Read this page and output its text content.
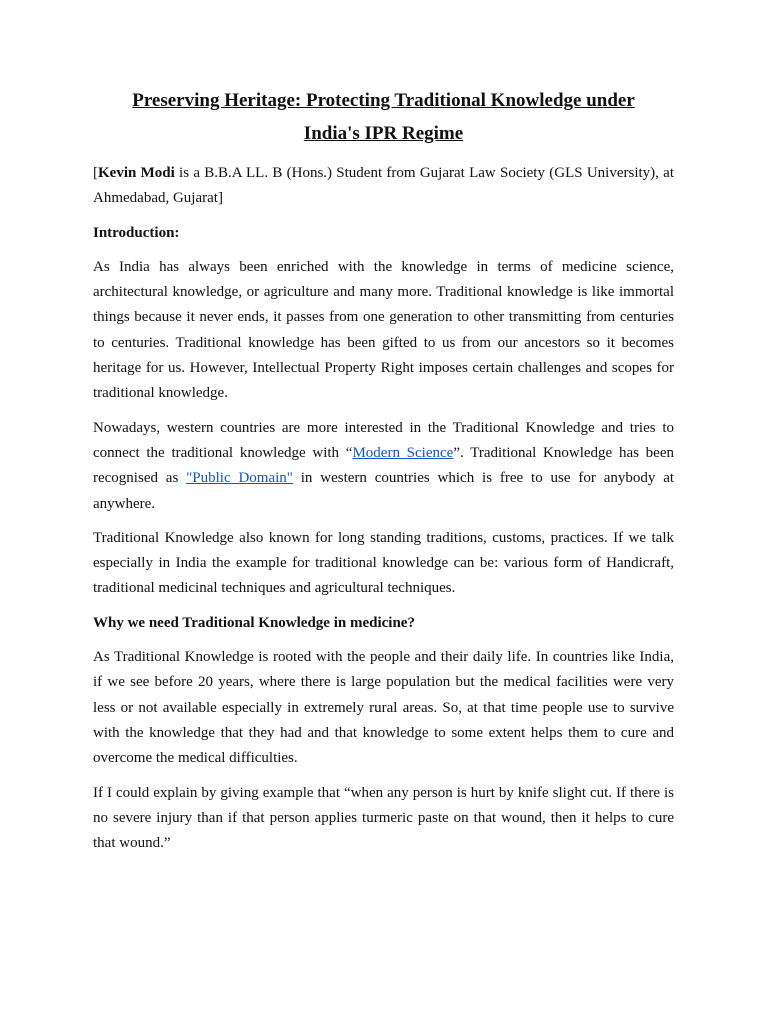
Preserving Heritage: Protecting Traditional Knowledge under
India's IPR Regime

[Kevin Modi is a B.B.A LL. B (Hons.) Student from Gujarat Law Society (GLS University), at Ahmedabad, Gujarat]

Introduction:

As India has always been enriched with the knowledge in terms of medicine science, architectural knowledge, or agriculture and many more. Traditional knowledge is like immortal things because it never ends, it passes from one generation to other transmitting from centuries to centuries. Traditional knowledge has been gifted to us from our ancestors so it becomes heritage for us. However, Intellectual Property Right imposes certain challenges and scopes for traditional knowledge.

Nowadays, western countries are more interested in the Traditional Knowledge and tries to connect the traditional knowledge with “Modern Science”. Traditional Knowledge has been recognised as "Public Domain" in western countries which is free to use for anybody at anywhere.

Traditional Knowledge also known for long standing traditions, customs, practices. If we talk especially in India the example for traditional knowledge can be: various form of Handicraft, traditional medicinal techniques and agricultural techniques.

Why we need Traditional Knowledge in medicine?

As Traditional Knowledge is rooted with the people and their daily life. In countries like India, if we see before 20 years, where there is large population but the medical facilities were very less or not available especially in extremely rural areas. So, at that time people use to survive with the knowledge that they had and that knowledge to some extent helps them to cure and overcome the medical difficulties.

If I could explain by giving example that “when any person is hurt by knife slight cut. If there is no severe injury than if that person applies turmeric paste on that wound, then it helps to cure that wound.”
